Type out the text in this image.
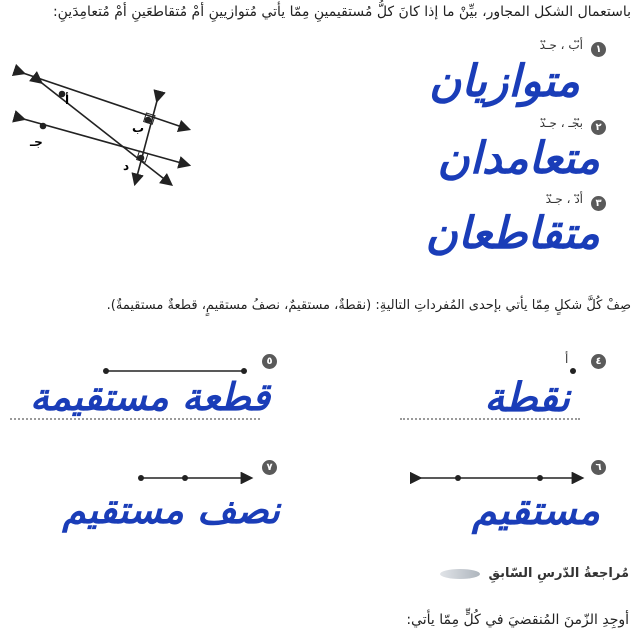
باستعمال الشكل المجاور، بيِّنْ ما إذا كانَ كلُّ مُستقيمينِ مِمّا يأتي مُتوازيينِ أمْ مُتقاطعَينِ أمْ مُتعامِدَينِ:
أ
ب
جـ
د
١
أ⃡ب ، جـ⃡د
متوازيان
٢
ب⃡جـ ، جـ⃡د
متعامدان
٣
أ⃡د ، جـ⃡د
متقاطعان
صِفْ كُلَّ شكلٍ مِمّا يأتي بإحدى المُفرداتِ التاليةِ: (نقطةٌ، مستقيمٌ، نصفُ مستقيمٍ، قطعةٌ مستقيمةٌ).
٥
قطعة مستقيمة
٤
أ
نقطة
٧
نصف مستقيم
٦
مستقيم
مُراجعةُ الدّرسِ السّابقِ
أوجِدِ الزّمنَ المُنقضيَ في كُلٍّ مِمّا يأتي:
